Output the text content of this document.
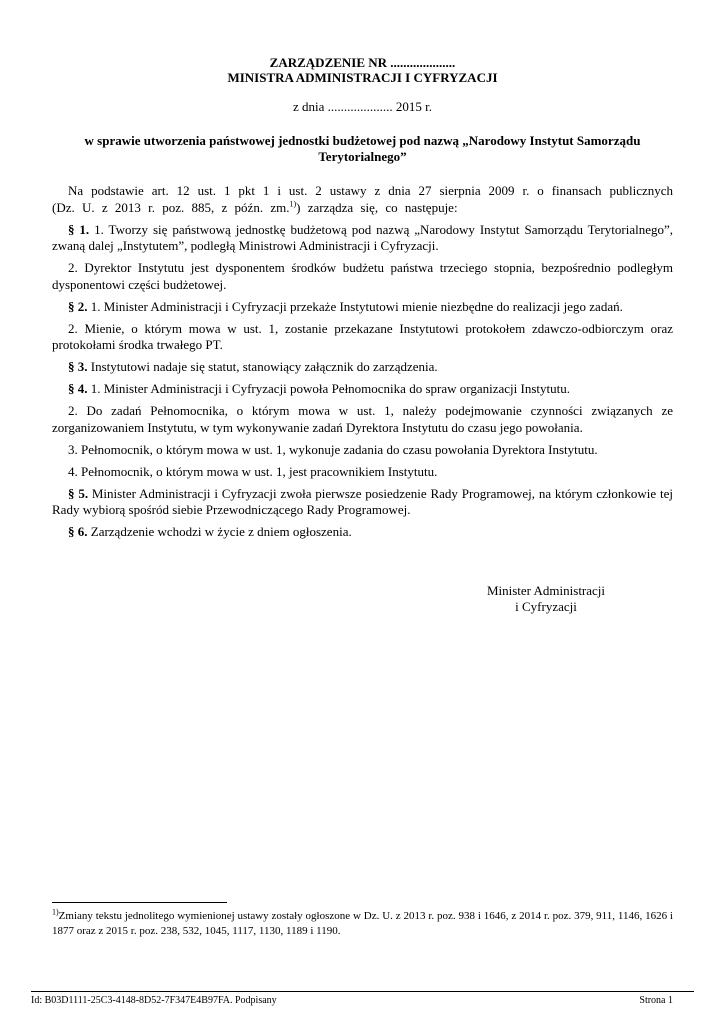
ZARZĄDZENIE NR ....................
MINISTRA ADMINISTRACJI I CYFRYZACJI
z dnia .................... 2015 r.
w sprawie utworzenia państwowej jednostki budżetowej pod nazwą „Narodowy Instytut Samorządu
Terytorialnego”

Na podstawie art. 12 ust. 1 pkt 1 i ust. 2 ustawy z dnia 27 sierpnia 2009 r. o finansach publicznych (Dz. U. z 2013 r. poz. 885, z późn. zm.$^{1)}$) zarządza się, co następuje:

§ 1. 1. Tworzy się państwową jednostkę budżetową pod nazwą „Narodowy Instytut Samorządu Terytorialnego”, zwaną dalej „Instytutem”, podległą Ministrowi Administracji i Cyfryzacji.

2. Dyrektor Instytutu jest dysponentem środków budżetu państwa trzeciego stopnia, bezpośrednio podległym dysponentowi części budżetowej.

§ 2. 1. Minister Administracji i Cyfryzacji przekaże Instytutowi mienie niezbędne do realizacji jego zadań.

2. Mienie, o którym mowa w ust. 1, zostanie przekazane Instytutowi protokołem zdawczo-odbiorczym oraz protokołami środka trwałego PT.

§ 3. Instytutowi nadaje się statut, stanowiący załącznik do zarządzenia.

§ 4. 1. Minister Administracji i Cyfryzacji powoła Pełnomocnika do spraw organizacji Instytutu.

2. Do zadań Pełnomocnika, o którym mowa w ust. 1, należy podejmowanie czynności związanych ze zorganizowaniem Instytutu, w tym wykonywanie zadań Dyrektora Instytutu do czasu jego powołania.

3. Pełnomocnik, o którym mowa w ust. 1, wykonuje zadania do czasu powołania Dyrektora Instytutu.

4. Pełnomocnik, o którym mowa w ust. 1, jest pracownikiem Instytutu.

§ 5. Minister Administracji i Cyfryzacji zwoła pierwsze posiedzenie Rady Programowej, na którym członkowie tej Rady wybiorą spośród siebie Przewodniczącego Rady Programowej.

§ 6. Zarządzenie wchodzi w życie z dniem ogłoszenia.

Minister Administracji
i Cyfryzacji
$^{1)}$Zmiany tekstu jednolitego wymienionej ustawy zostały ogłoszone w Dz. U. z 2013 r. poz. 938 i 1646, z 2014 r. poz. 379, 911, 1146, 1626 i 1877 oraz z 2015 r. poz. 238, 532, 1045, 1117, 1130, 1189 i 1190.
Id: B03D1111-25C3-4148-8D52-7F347E4B97FA. Podpisany	Strona 1
